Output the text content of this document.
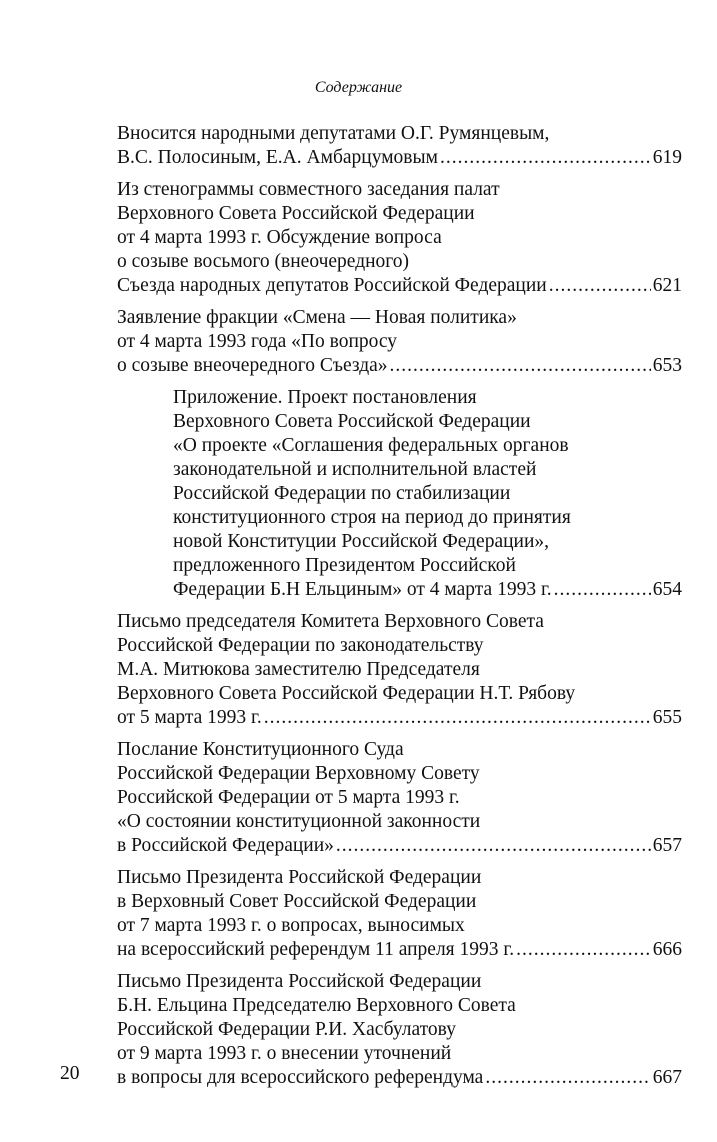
Содержание
Вносится народными депутатами О.Г. Румянцевым,
В.С. Полосиным, Е.А. Амбарцумовым .....	619
Из стенограммы совместного заседания палат
Верховного Совета Российской Федерации
от 4 марта 1993 г. Обсуждение вопроса
о созыве восьмого (внеочередного)
Съезда народных депутатов Российской Федерации .....	621
Заявление фракции «Смена — Новая политика»
от 4 марта 1993 года «По вопросу
о созыве внеочередного Съезда» .....	653
Приложение. Проект постановления
Верховного Совета Российской Федерации
«О проекте «Соглашения федеральных органов
законодательной и исполнительной властей
Российской Федерации по стабилизации
конституционного строя на период до принятия
новой Конституции Российской Федерации»,
предложенного Президентом Российской
Федерации Б.Н Ельциным» от 4 марта 1993 г. .....	654
Письмо председателя Комитета Верховного Совета
Российской Федерации по законодательству
М.А. Митюкова заместителю Председателя
Верховного Совета Российской Федерации Н.Т. Рябову
от 5 марта 1993 г. .....	655
Послание Конституционного Суда
Российской Федерации Верховному Совету
Российской Федерации от 5 марта 1993 г.
«О состоянии конституционной законности
в Российской Федерации» .....	657
Письмо Президента Российской Федерации
в Верховный Совет Российской Федерации
от 7 марта 1993 г. о вопросах, выносимых
на всероссийский референдум 11 апреля 1993 г. .....	666
Письмо Президента Российской Федерации
Б.Н. Ельцина Председателю Верховного Совета
Российской Федерации Р.И. Хасбулатову
от 9 марта 1993 г. о внесении уточнений
в вопросы для всероссийского референдума .....	667
20
